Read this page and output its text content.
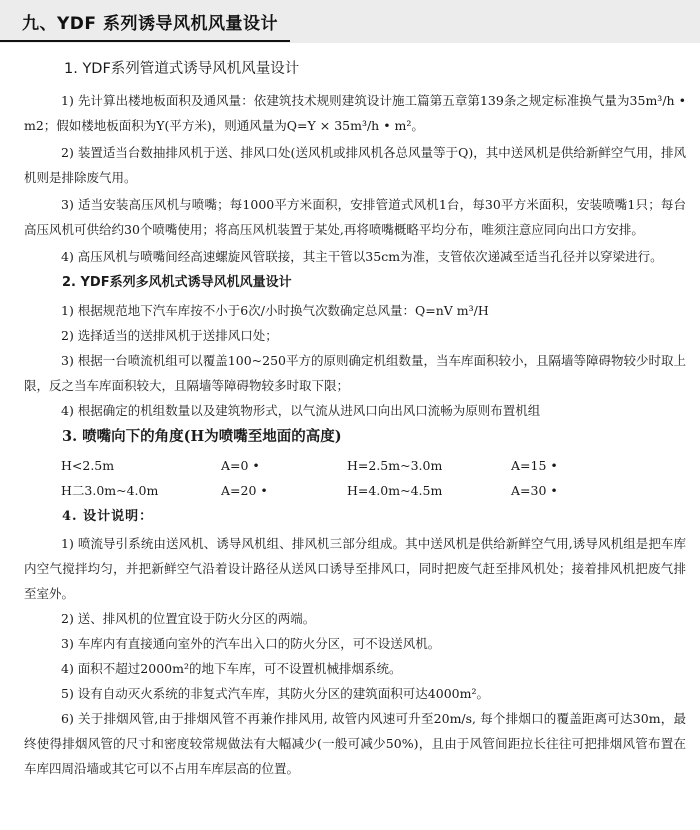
九、YDF 系列诱导风机风量设计
1. YDF系列管道式诱导风机风量设计

1) 先计算出楼地板面积及通风量：依建筑技术规则建筑设计施工篇第五章第139条之规定标准换气量为35m³/h • m2；假如楼地板面积为Y(平方米)，则通风量为Q=Y × 35m³/h • m²。

2) 装置适当台数抽排风机于送、排风口处(送风机或排风机各总风量等于Q)，其中送风机是供给新鲜空气用，排风机则是排除废气用。

3) 适当安装高压风机与喷嘴；每1000平方米面积，安排管道式风机1台，每30平方米面积，安装喷嘴1只；每台高压风机可供给约30个喷嘴使用；将高压风机装置于某处,再将喷嘴概略平均分布，唯须注意应同向出口方安排。

4) 高压风机与喷嘴间经高速螺旋风管联接，其主干管以35cm为准，支管依次递减至适当孔径并以穿梁进行。

2. YDF系列多风机式诱导风机风量设计

1) 根据规范地下汽车库按不小于6次/小时换气次数确定总风量：Q=nV m³/H

2) 选择适当的送排风机于送排风口处；

3) 根据一台喷流机组可以覆盖100~250平方的原则确定机组数量，当车库面积较小，且隔墙等障碍物较少时取上限，反之当车库面积较大，且隔墙等障碍物较多时取下限；

4) 根据确定的机组数量以及建筑物形式，以气流从进风口向出风口流畅为原则布置机组

3. 喷嘴向下的角度(H为喷嘴至地面的高度)
H<2.5m	A=0 •	H=2.5m~3.0m	A=15 •
H二3.0m~4.0m	A=20 •	H=4.0m~4.5m	A=30 •
4. 设计说明：

1) 喷流导引系统由送风机、诱导风机组、排风机三部分组成。其中送风机是供给新鲜空气用,诱导风机组是把车库内空气搅拌均匀，并把新鲜空气沿着设计路径从送风口诱导至排风口，同时把废气赶至排风机处；接着排风机把废气排至室外。

2) 送、排风机的位置宜设于防火分区的两端。

3) 车库内有直接通向室外的汽车出入口的防火分区，可不设送风机。

4) 面积不超过2000m²的地下车库，可不设置机械排烟系统。

5) 设有自动灭火系统的非复式汽车库，其防火分区的建筑面积可达4000m²。

6) 关于排烟风管,由于排烟风管不再兼作排风用, 故管内风速可升至20m/s, 每个排烟口的覆盖距离可达30m，最终使得排烟风管的尺寸和密度较常规做法有大幅减少(一般可减少50%)，且由于风管间距拉长往往可把排烟风管布置在车库四周沿墙或其它可以不占用车库层高的位置。
